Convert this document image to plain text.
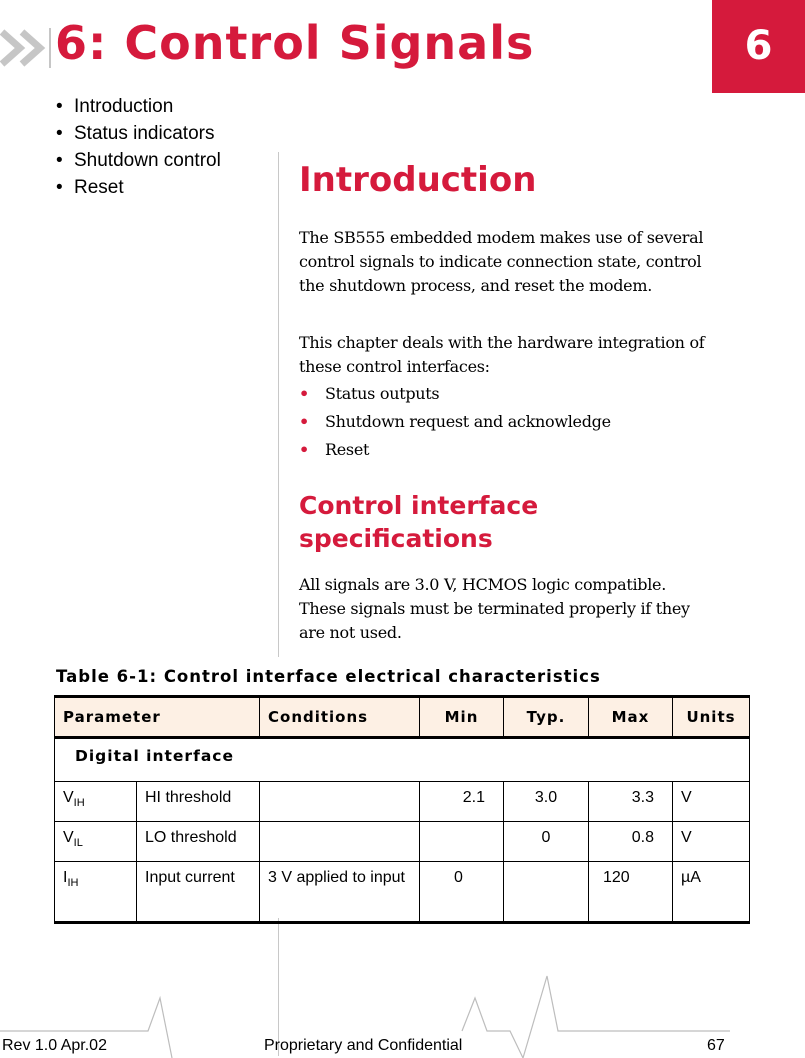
6: Control Signals	6
• Introduction
• Status indicators
• Shutdown control
• Reset	Introduction

The SB555 embedded modem makes use of several control signals to indicate connection state, control the shutdown process, and reset the modem.

This chapter deals with the hardware integration of these control interfaces:

• Status outputs
• Shutdown request and acknowledge
• Reset
Control interface specifications

All signals are 3.0 V, HCMOS logic compatible. These signals must be terminated properly if they are not used.

Table 6-1: Control interface electrical characteristics
Parameter		Conditions	Min	Typ.	Max	Units
Digital interface						
$V_{IH}$	HI threshold		2.1	3.0	3.3	V
$V_{IL}$	LO threshold			0	0.8	V
$I_{IH}$	Input current	3 V applied to input	0		120	µA
Rev 1.0 Apr.02	Proprietary and Confidential	67
